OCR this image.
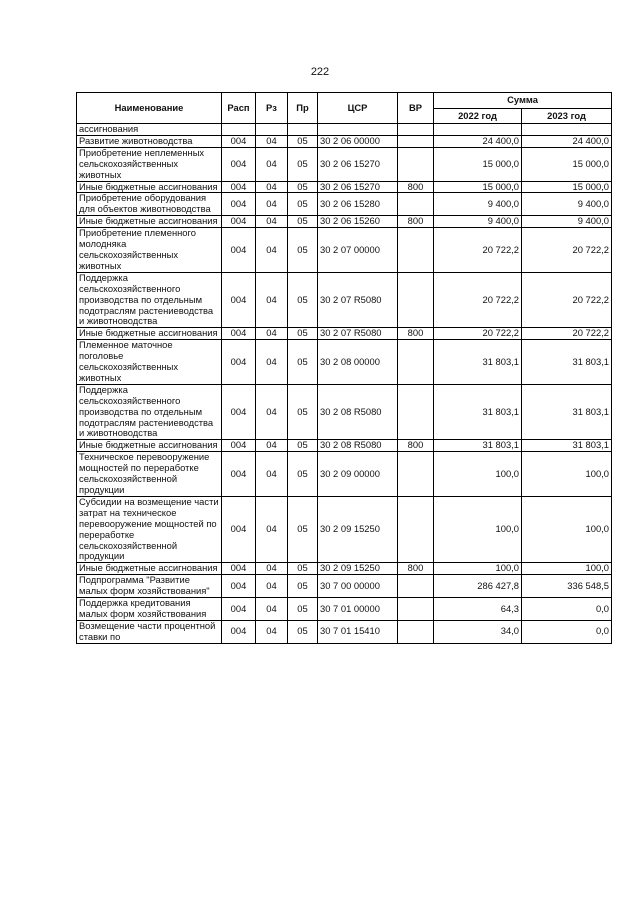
222
Наименование	Расп	Рз	Пр	ЦСР	ВР	Сумма	
						2022 год	2023 год
ассигнования							
Развитие животноводства	004	04	05	30 2 06 00000		24 400,0	24 400,0
Приобретение неплеменных сельскохозяйственных животных	004	04	05	30 2 06 15270		15 000,0	15 000,0
Иные бюджетные ассигнования	004	04	05	30 2 06 15270	800	15 000,0	15 000,0
Приобретение оборудования для объектов животноводства	004	04	05	30 2 06 15280		9 400,0	9 400,0
Иные бюджетные ассигнования	004	04	05	30 2 06 15260	800	9 400,0	9 400,0
Приобретение племенного молодняка сельскохозяйственных животных	004	04	05	30 2 07 00000		20 722,2	20 722,2
Поддержка сельскохозяйственного производства по отдельным подотраслям растениеводства и животноводства	004	04	05	30 2 07 R5080		20 722,2	20 722,2
Иные бюджетные ассигнования	004	04	05	30 2 07 R5080	800	20 722,2	20 722,2
Племенное маточное поголовье сельскохозяйственных животных	004	04	05	30 2 08 00000		31 803,1	31 803,1
Поддержка сельскохозяйственного производства по отдельным подотраслям растениеводства и животноводства	004	04	05	30 2 08 R5080		31 803,1	31 803,1
Иные бюджетные ассигнования	004	04	05	30 2 08 R5080	800	31 803,1	31 803,1
Техническое перевооружение мощностей по переработке сельскохозяйственной продукции	004	04	05	30 2 09 00000		100,0	100,0
Субсидии на возмещение части затрат на техническое перевооружение мощностей по переработке сельскохозяйственной продукции	004	04	05	30 2 09 15250		100,0	100,0
Иные бюджетные ассигнования	004	04	05	30 2 09 15250	800	100,0	100,0
Подпрограмма "Развитие малых форм хозяйствования"	004	04	05	30 7 00 00000		286 427,8	336 548,5
Поддержка кредитования малых форм хозяйствования	004	04	05	30 7 01 00000		64,3	0,0
Возмещение части процентной ставки по	004	04	05	30 7 01 15410		34,0	0,0
